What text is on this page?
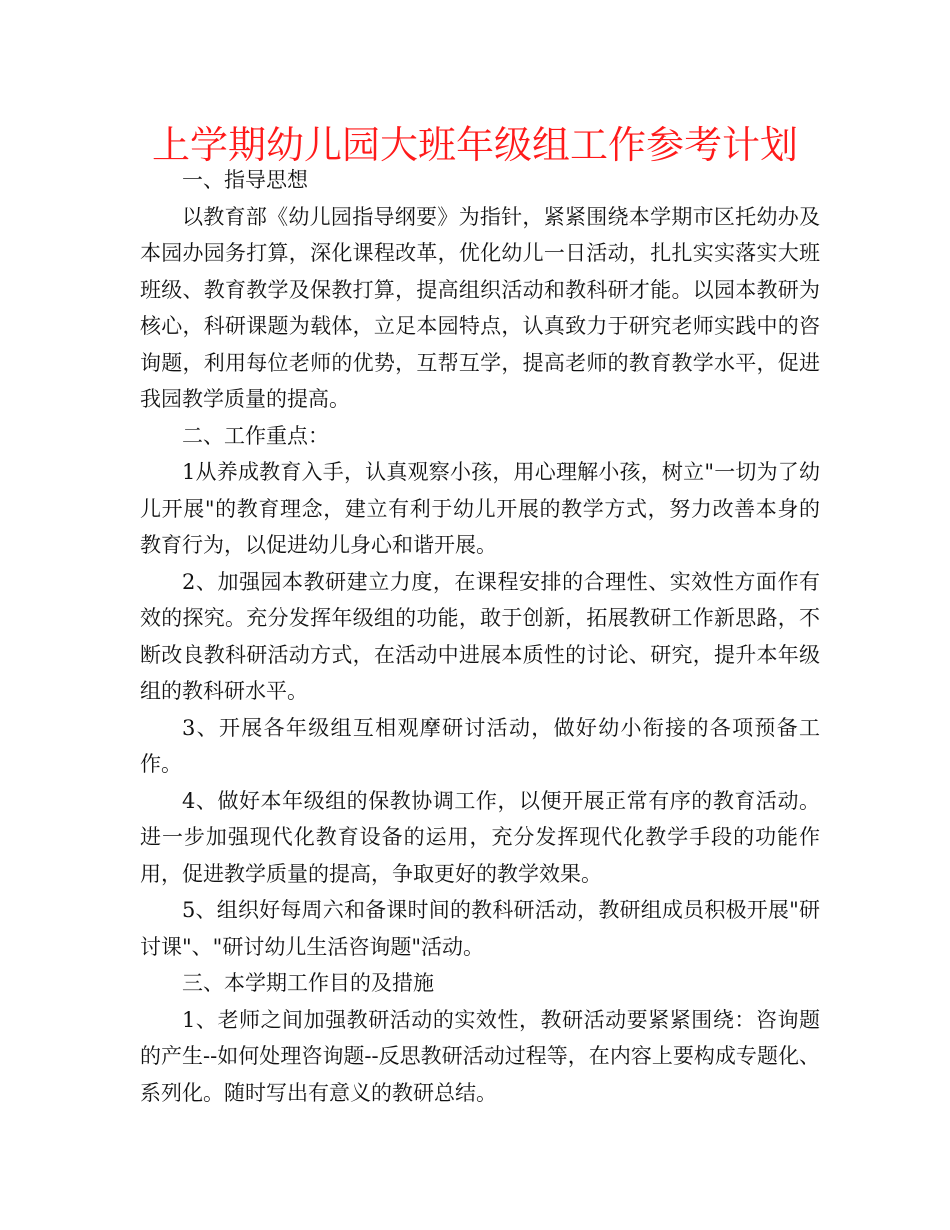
上学期幼儿园大班年级组工作参考计划

一、指导思想

以教育部《幼儿园指导纲要》为指针，紧紧围绕本学期市区托幼办及本园办园务打算，深化课程改革，优化幼儿一日活动，扎扎实实落实大班班级、教育教学及保教打算，提高组织活动和教科研才能。以园本教研为核心，科研课题为载体，立足本园特点，认真致力于研究老师实践中的咨询题，利用每位老师的优势，互帮互学，提高老师的教育教学水平，促进我园教学质量的提高。

二、工作重点：

1从养成教育入手，认真观察小孩，用心理解小孩，树立"一切为了幼儿开展"的教育理念，建立有利于幼儿开展的教学方式，努力改善本身的教育行为，以促进幼儿身心和谐开展。

2、加强园本教研建立力度，在课程安排的合理性、实效性方面作有效的探究。充分发挥年级组的功能，敢于创新，拓展教研工作新思路，不断改良教科研活动方式，在活动中进展本质性的讨论、研究，提升本年级组的教科研水平。

3、开展各年级组互相观摩研讨活动，做好幼小衔接的各项预备工作。

4、做好本年级组的保教协调工作，以便开展正常有序的教育活动。进一步加强现代化教育设备的运用，充分发挥现代化教学手段的功能作用，促进教学质量的提高，争取更好的教学效果。

5、组织好每周六和备课时间的教科研活动，教研组成员积极开展"研讨课"、"研讨幼儿生活咨询题"活动。

三、本学期工作目的及措施

1、老师之间加强教研活动的实效性，教研活动要紧紧围绕：咨询题的产生--如何处理咨询题--反思教研活动过程等，在内容上要构成专题化、系列化。随时写出有意义的教研总结。
